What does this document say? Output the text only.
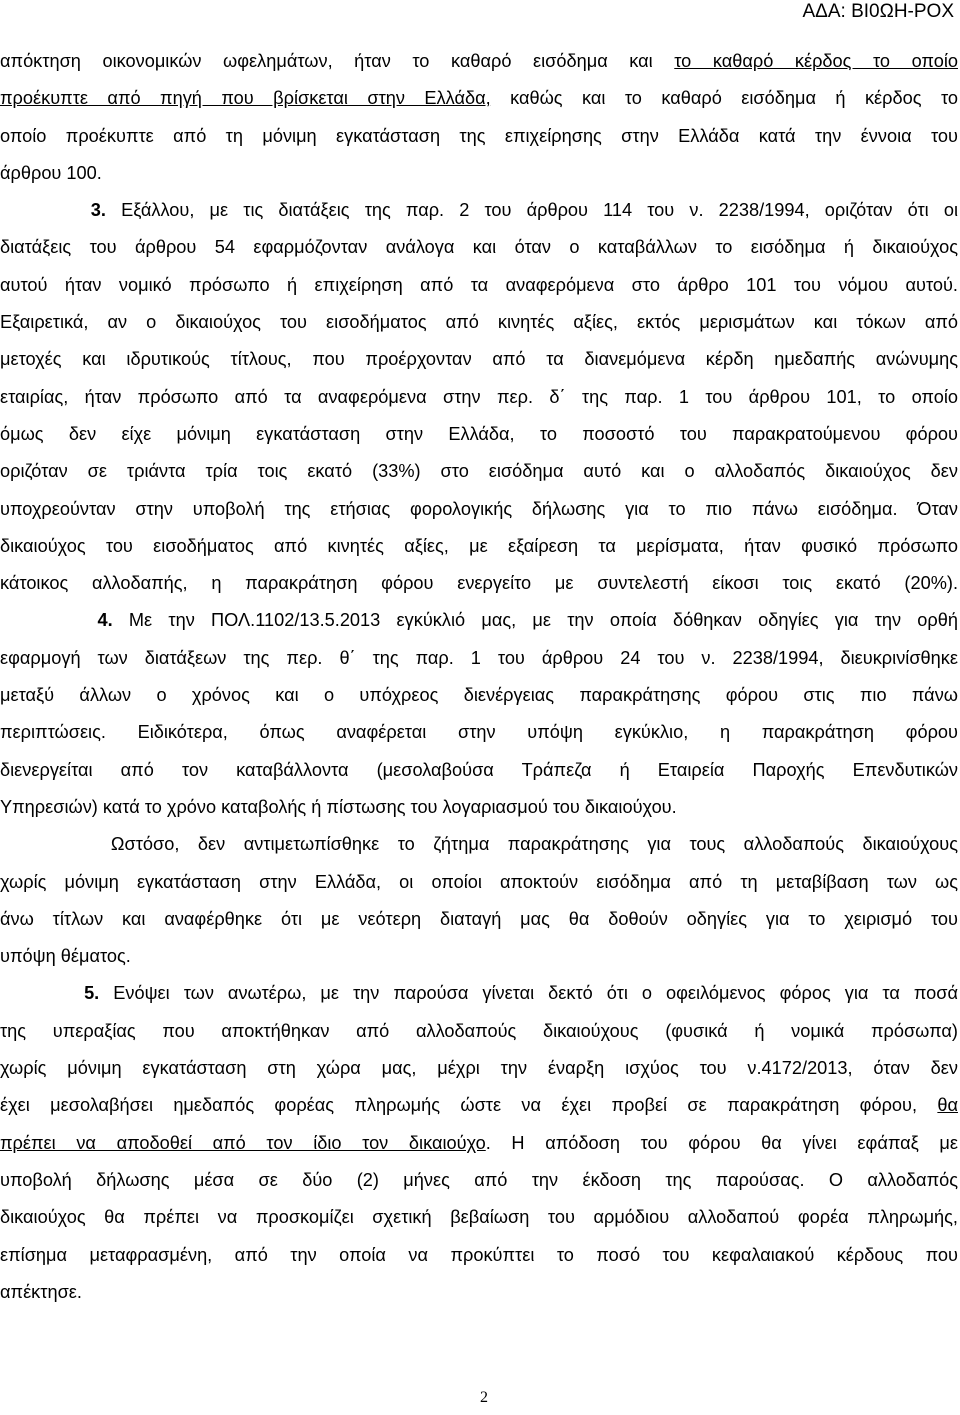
ΑΔΑ: ΒΙ0ΩΗ-ΡΟΧ
απόκτηση οικονομικών ωφελημάτων, ήταν το καθαρό εισόδημα και το καθαρό κέρδος το οποίο
προέκυπτε από πηγή που βρίσκεται στην Ελλάδα, καθώς και το καθαρό εισόδημα ή κέρδος το
οποίο προέκυπτε από τη μόνιμη εγκατάσταση της επιχείρησης στην Ελλάδα κατά την έννοια του
άρθρου 100.
3. Εξάλλου, με τις διατάξεις της παρ. 2 του άρθρου 114 του ν. 2238/1994, οριζόταν ότι οι
διατάξεις του άρθρου 54 εφαρμόζονταν ανάλογα και όταν ο καταβάλλων το εισόδημα ή δικαιούχος
αυτού ήταν νομικό πρόσωπο ή επιχείρηση από τα αναφερόμενα στο άρθρο 101 του νόμου αυτού.
Εξαιρετικά, αν ο δικαιούχος του εισοδήματος από κινητές αξίες, εκτός μερισμάτων και τόκων από
μετοχές και ιδρυτικούς τίτλους, που προέρχονταν από τα διανεμόμενα κέρδη ημεδαπής ανώνυμης
εταιρίας, ήταν πρόσωπο από τα αναφερόμενα στην περ. δ΄ της παρ. 1 του άρθρου 101, το οποίο
όμως δεν είχε μόνιμη εγκατάσταση στην Ελλάδα, το ποσοστό του παρακρατούμενου φόρου
οριζόταν σε τριάντα τρία τοις εκατό (33%) στο εισόδημα αυτό και ο αλλοδαπός δικαιούχος δεν
υποχρεούνταν στην υποβολή της ετήσιας φορολογικής δήλωσης για το πιο πάνω εισόδημα. Όταν
δικαιούχος του εισοδήματος από κινητές αξίες, με εξαίρεση τα μερίσματα, ήταν φυσικό πρόσωπο
κάτοικος αλλοδαπής, η παρακράτηση φόρου ενεργείτο με συντελεστή είκοσι τοις εκατό (20%).
4. Με την ΠΟΛ.1102/13.5.2013 εγκύκλιό μας, με την οποία δόθηκαν οδηγίες για την ορθή
εφαρμογή των διατάξεων της περ. θ΄ της παρ. 1 του άρθρου 24 του ν. 2238/1994, διευκρινίσθηκε
μεταξύ άλλων ο χρόνος και ο υπόχρεος διενέργειας παρακράτησης φόρου στις πιο πάνω
περιπτώσεις. Ειδικότερα, όπως αναφέρεται στην υπόψη εγκύκλιο, η παρακράτηση φόρου
διενεργείται από τον καταβάλλοντα (μεσολαβούσα Τράπεζα ή Εταιρεία Παροχής Επενδυτικών
Υπηρεσιών) κατά το χρόνο καταβολής ή πίστωσης του λογαριασμού του δικαιούχου.
Ωστόσο, δεν αντιμετωπίσθηκε το ζήτημα παρακράτησης για τους αλλοδαπούς δικαιούχους
χωρίς μόνιμη εγκατάσταση στην Ελλάδα, οι οποίοι αποκτούν εισόδημα από τη μεταβίβαση των ως
άνω τίτλων και αναφέρθηκε ότι με νεότερη διαταγή μας θα δοθούν οδηγίες για το χειρισμό του
υπόψη θέματος.
5. Ενόψει των ανωτέρω, με την παρούσα γίνεται δεκτό ότι ο οφειλόμενος φόρος για τα ποσά
της υπεραξίας που αποκτήθηκαν από αλλοδαπούς δικαιούχους (φυσικά ή νομικά πρόσωπα)
χωρίς μόνιμη εγκατάσταση στη χώρα μας, μέχρι την έναρξη ισχύος του ν.4172/2013, όταν δεν
έχει μεσολαβήσει ημεδαπός φορέας πληρωμής ώστε να έχει προβεί σε παρακράτηση φόρου, θα
πρέπει να αποδοθεί από τον ίδιο τον δικαιούχο. Η απόδοση του φόρου θα γίνει εφάπαξ με
υποβολή δήλωσης μέσα σε δύο (2) μήνες από την έκδοση της παρούσας. Ο αλλοδαπός
δικαιούχος θα πρέπει να προσκομίζει σχετική βεβαίωση του αρμόδιου αλλοδαπού φορέα πληρωμής,
επίσημα μεταφρασμένη, από την οποία να προκύπτει το ποσό του κεφαλαιακού κέρδους που
απέκτησε.
2
